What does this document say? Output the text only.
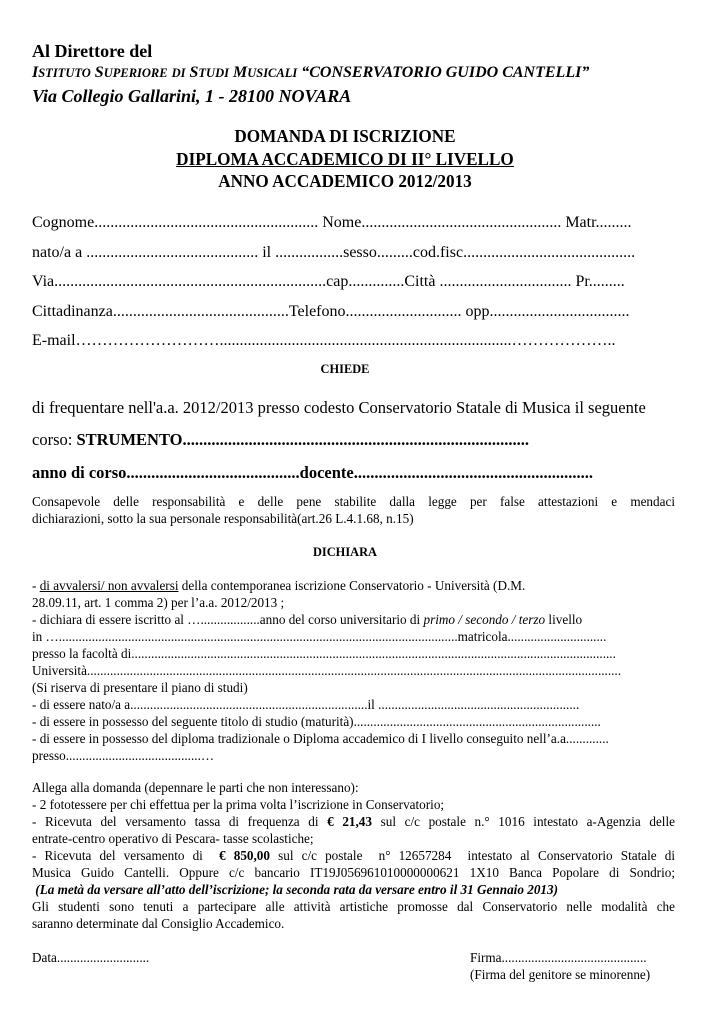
Al Direttore del
ISTITUTO SUPERIORE DI STUDI MUSICALI “CONSERVATORIO GUIDO CANTELLI”
Via Collegio Gallarini, 1 - 28100 NOVARA
DOMANDA DI ISCRIZIONE
DIPLOMA ACCADEMICO DI II° LIVELLO
ANNO ACCADEMICO 2012/2013
Cognome........................................................ Nome.................................................. Matr.........
nato/a a ........................................... il .................sesso.........cod.fisc...........................................
Via....................................................................cap..............Città ................................. Pr.........
Cittadinanza............................................Telefono............................. opp...................................
E-mail……………………….........................................................................………………..
CHIEDE
di frequentare nell'a.a. 2012/2013 presso codesto Conservatorio Statale di Musica il seguente
corso: STRUMENTO....................................................................................
anno di corso..........................................docente..........................................................
Consapevole delle responsabilità e delle pene stabilite dalla legge per false attestazioni e mendaci
dichiarazioni, sotto la sua personale responsabilità(art.26 L.4.1.68, n.15)
DICHIARA
- di avvalersi/ non avvalersi della contemporanea iscrizione Conservatorio - Università (D.M.
28.09.11, art. 1 comma 2) per l’a.a. 2012/2013 ;
- dichiara di essere iscritto al …..................anno del corso universitario di primo / secondo / terzo livello
in ….........................................................................................................................matricola..............................
presso la facoltà di...................................................................................................................................................
Università..................................................................................................................................................................
(Si riserva di presentare il piano di studi)
- di essere nato/a a........................................................................il .............................................................
- di essere in possesso del seguente titolo di studio (maturità)...........................................................................
- di essere in possesso del diploma tradizionale o Diploma accademico di I livello conseguito nell’a.a.............
presso.........................................…
Allega alla domanda (depennare le parti che non interessano):
- 2 fototessere per chi effettua per la prima volta l’iscrizione in Conservatorio;
- Ricevuta del versamento tassa di frequenza di € 21,43 sul c/c postale n.° 1016 intestato a-Agenzia delle
entrate-centro operativo di Pescara- tasse scolastiche;
- Ricevuta del versamento di  € 850,00 sul c/c postale  n° 12657284  intestato al Conservatorio Statale di
Musica Guido Cantelli. Oppure c/c bancario IT19J056961010000000621 1X10 Banca Popolare di Sondrio;
(La metà da versare all’atto dell’iscrizione; la seconda rata da versare entro il 31 Gennaio 2013)
Gli studenti sono tenuti a partecipare alle attività artistiche promosse dal Conservatorio nelle modalità che
saranno determinate dal Consiglio Accademico.
Data............................	Firma............................................
(Firma del genitore se minorenne)
